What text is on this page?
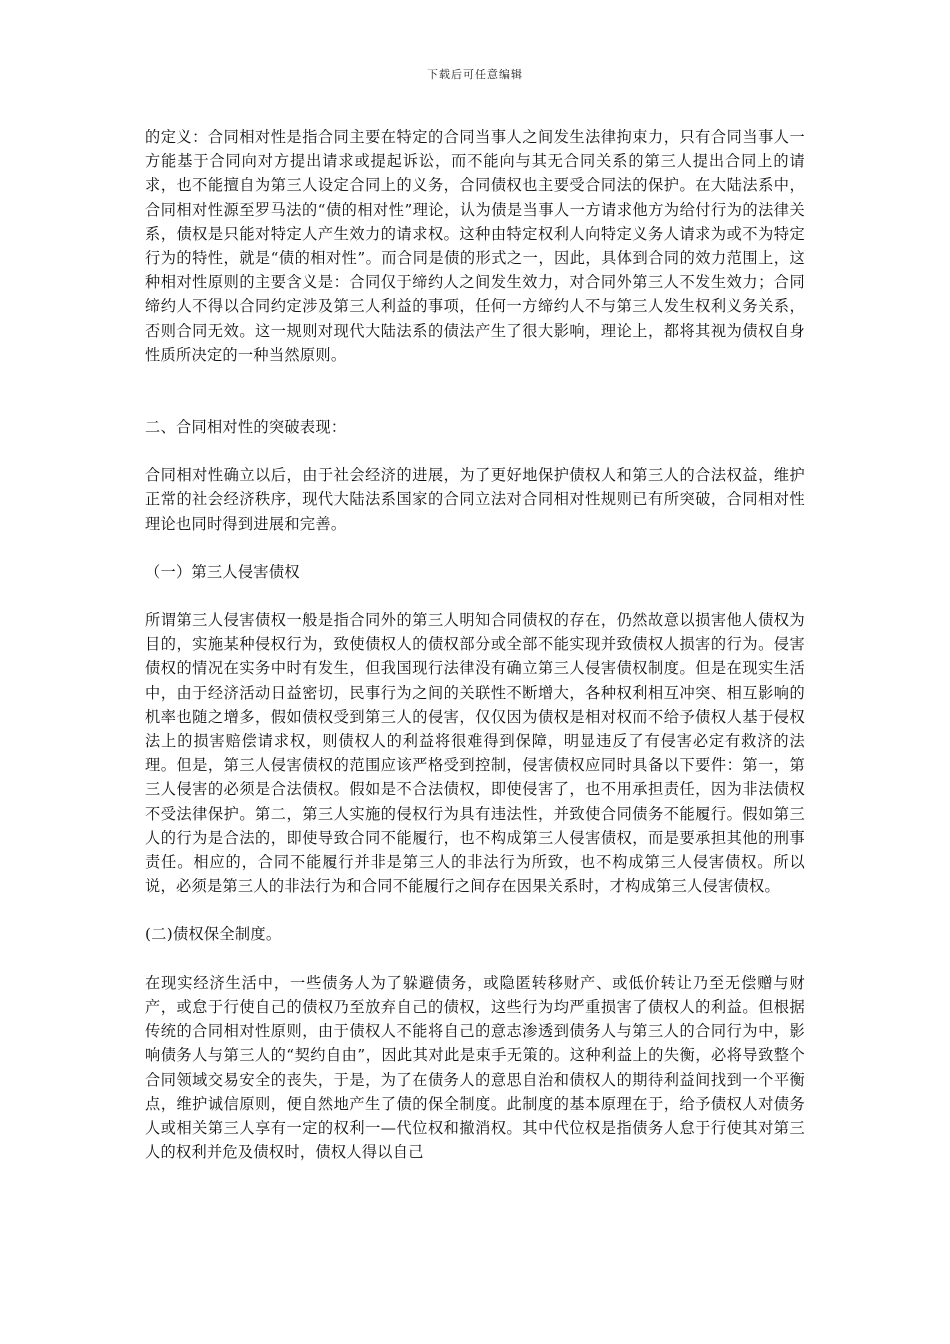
下载后可任意编辑

的定义：合同相对性是指合同主要在特定的合同当事人之间发生法律拘束力，只有合同当事人一方能基于合同向对方提出请求或提起诉讼，而不能向与其无合同关系的第三人提出合同上的请求，也不能擅自为第三人设定合同上的义务，合同债权也主要受合同法的保护。在大陆法系中，合同相对性源至罗马法的“债的相对性”理论，认为债是当事人一方请求他方为给付行为的法律关系，债权是只能对特定人产生效力的请求权。这种由特定权利人向特定义务人请求为或不为特定行为的特性，就是“债的相对性”。而合同是债的形式之一，因此，具体到合同的效力范围上，这种相对性原则的主要含义是：合同仅于缔约人之间发生效力，对合同外第三人不发生效力；合同缔约人不得以合同约定涉及第三人利益的事项，任何一方缔约人不与第三人发生权利义务关系，否则合同无效。这一规则对现代大陆法系的债法产生了很大影响，理论上，都将其视为债权自身性质所决定的一种当然原则。

二、合同相对性的突破表现：

合同相对性确立以后，由于社会经济的进展，为了更好地保护债权人和第三人的合法权益，维护正常的社会经济秩序，现代大陆法系国家的合同立法对合同相对性规则已有所突破，合同相对性理论也同时得到进展和完善。

（一）第三人侵害债权

所谓第三人侵害债权一般是指合同外的第三人明知合同债权的存在，仍然故意以损害他人债权为目的，实施某种侵权行为，致使债权人的债权部分或全部不能实现并致债权人损害的行为。侵害债权的情况在实务中时有发生，但我国现行法律没有确立第三人侵害债权制度。但是在现实生活中，由于经济活动日益密切，民事行为之间的关联性不断增大，各种权利相互冲突、相互影响的机率也随之增多，假如债权受到第三人的侵害，仅仅因为债权是相对权而不给予债权人基于侵权法上的损害赔偿请求权，则债权人的利益将很难得到保障，明显违反了有侵害必定有救济的法理。但是，第三人侵害债权的范围应该严格受到控制，侵害债权应同时具备以下要件：第一，第三人侵害的必须是合法债权。假如是不合法债权，即使侵害了，也不用承担责任，因为非法债权不受法律保护。第二，第三人实施的侵权行为具有违法性，并致使合同债务不能履行。假如第三人的行为是合法的，即使导致合同不能履行，也不构成第三人侵害债权，而是要承担其他的刑事责任。相应的，合同不能履行并非是第三人的非法行为所致，也不构成第三人侵害债权。所以说，必须是第三人的非法行为和合同不能履行之间存在因果关系时，才构成第三人侵害债权。

(二)债权保全制度。

在现实经济生活中，一些债务人为了躲避债务，或隐匿转移财产、或低价转让乃至无偿赠与财产，或怠于行使自己的债权乃至放弃自己的债权，这些行为均严重损害了债权人的利益。但根据传统的合同相对性原则，由于债权人不能将自己的意志渗透到债务人与第三人的合同行为中，影响债务人与第三人的“契约自由”，因此其对此是束手无策的。这种利益上的失衡，必将导致整个合同领域交易安全的丧失，于是，为了在债务人的意思自治和债权人的期待利益间找到一个平衡点，维护诚信原则，便自然地产生了债的保全制度。此制度的基本原理在于，给予债权人对债务人或相关第三人享有一定的权利一—代位权和撤消权。其中代位权是指债务人怠于行使其对第三人的权利并危及债权时，债权人得以自己
